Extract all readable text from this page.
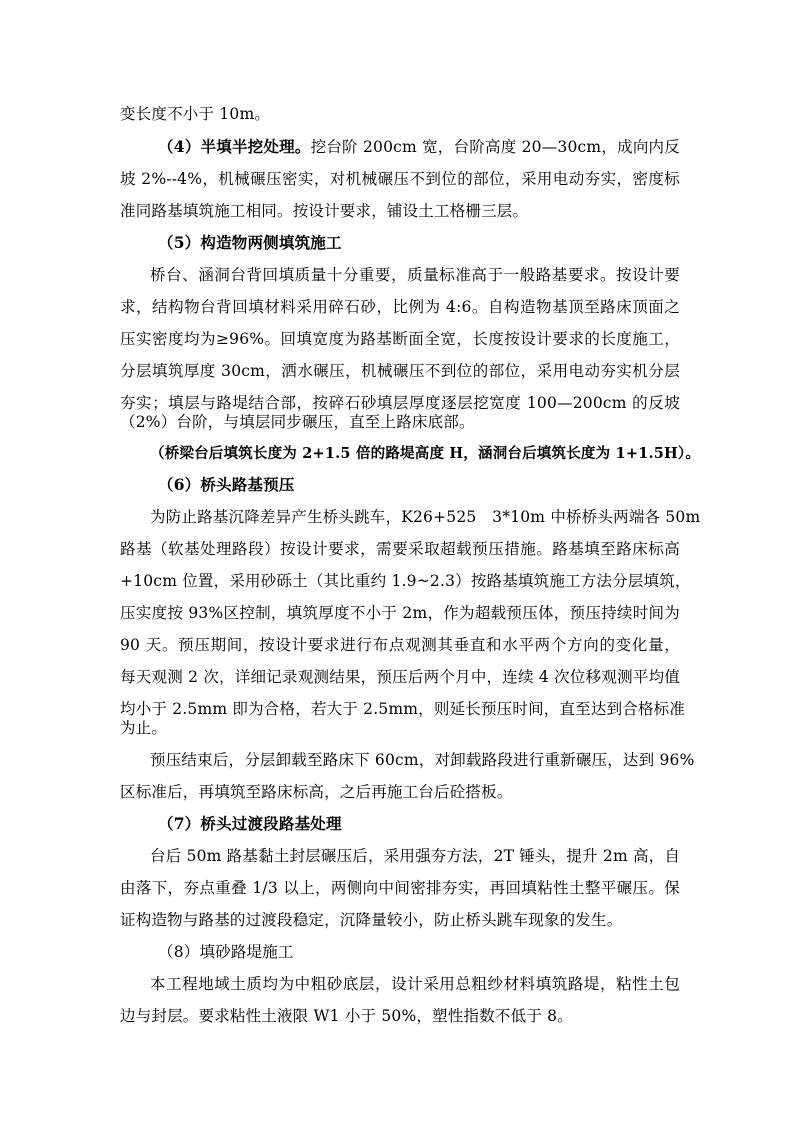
变长度不小于 10m。
（4）半填半挖处理。挖台阶 200cm 宽，台阶高度 20—30cm，成向内反
坡 2%--4%，机械碾压密实，对机械碾压不到位的部位，采用电动夯实，密度标
准同路基填筑施工相同。按设计要求，铺设土工格栅三层。
（5）构造物两侧填筑施工
桥台、涵洞台背回填质量十分重要，质量标准高于一般路基要求。按设计要
求，结构物台背回填材料采用碎石砂，比例为 4:6。自构造物基顶至路床顶面之
压实密度均为≥96%。回填宽度为路基断面全宽，长度按设计要求的长度施工，
分层填筑厚度 30cm，洒水碾压，机械碾压不到位的部位，采用电动夯实机分层
夯实；填层与路堤结合部，按碎石砂填层厚度逐层挖宽度 100—200cm 的反坡
（2%）台阶，与填层同步碾压，直至上路床底部。
（桥梁台后填筑长度为 2+1.5 倍的路堤高度 H，涵洞台后填筑长度为 1+1.5H）。
（6）桥头路基预压
为防止路基沉降差异产生桥头跳车，K26+525　3*10m 中桥桥头两端各 50m
路基（软基处理路段）按设计要求，需要采取超载预压措施。路基填至路床标高
+10cm 位置，采用砂砾土（其比重约 1.9~2.3）按路基填筑施工方法分层填筑，
压实度按 93%区控制，填筑厚度不小于 2m，作为超载预压体，预压持续时间为
90 天。预压期间，按设计要求进行布点观测其垂直和水平两个方向的变化量，
每天观测 2 次，详细记录观测结果，预压后两个月中，连续 4 次位移观测平均值
均小于 2.5mm 即为合格，若大于 2.5mm，则延长预压时间，直至达到合格标准
为止。
预压结束后，分层卸载至路床下 60cm，对卸载路段进行重新碾压，达到 96%
区标准后，再填筑至路床标高，之后再施工台后砼搭板。
（7）桥头过渡段路基处理
台后 50m 路基黏土封层碾压后，采用强夯方法，2T 锤头，提升 2m 高，自
由落下，夯点重叠 1/3 以上，两侧向中间密排夯实，再回填粘性土整平碾压。保
证构造物与路基的过渡段稳定，沉降量较小，防止桥头跳车现象的发生。
（8）填砂路堤施工
本工程地域土质均为中粗砂底层，设计采用总粗纱材料填筑路堤，粘性土包
边与封层。要求粘性土液限 W1 小于 50%，塑性指数不低于 8。
